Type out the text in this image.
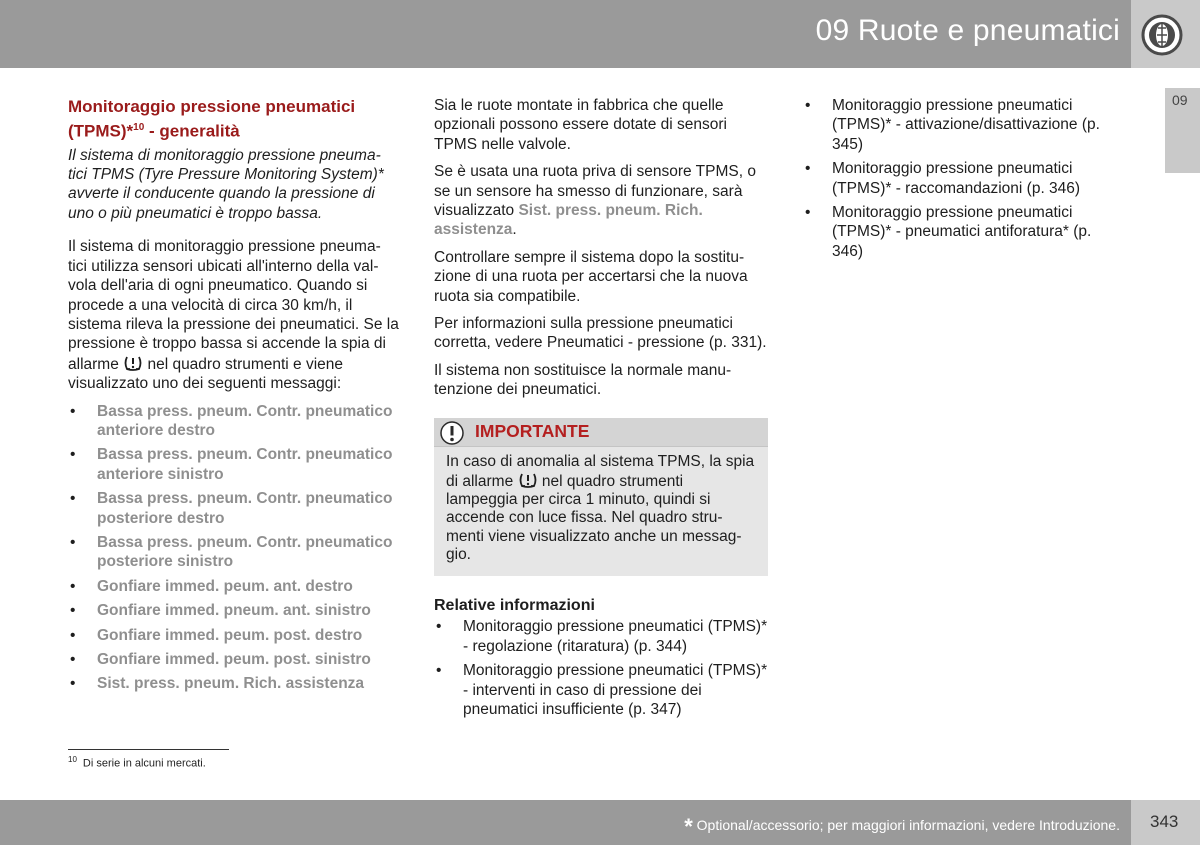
09 Ruote e pneumatici
09
Monitoraggio pressione pneumatici (TPMS)*$^{10}$ - generalità

Il sistema di monitoraggio pressione pneuma- tici TPMS (Tyre Pressure Monitoring System)* avverte il conducente quando la pressione di uno o più pneumatici è troppo bassa.

Il sistema di monitoraggio pressione pneuma- tici utilizza sensori ubicati all'interno della val- vola dell'aria di ogni pneumatico. Quando si procede a una velocità di circa 30 km/h, il sistema rileva la pressione dei pneumatici. Se la pressione è troppo bassa si accende la spia di allarme nel quadro strumenti e viene visualizzato uno dei seguenti messaggi:

• Bassa press. pneum. Contr. pneumatico anteriore destro
• Bassa press. pneum. Contr. pneumatico anteriore sinistro
• Bassa press. pneum. Contr. pneumatico posteriore destro
• Bassa press. pneum. Contr. pneumatico posteriore sinistro
• Gonfiare immed. peum. ant. destro
• Gonfiare immed. pneum. ant. sinistro
• Gonfiare immed. peum. post. destro
• Gonfiare immed. peum. post. sinistro
• Sist. press. pneum. Rich. assistenza

Sia le ruote montate in fabbrica che quelle opzionali possono essere dotate di sensori TPMS nelle valvole.

Se è usata una ruota priva di sensore TPMS, o se un sensore ha smesso di funzionare, sarà visualizzato Sist. press. pneum. Rich. assistenza.

Controllare sempre il sistema dopo la sostitu- zione di una ruota per accertarsi che la nuova ruota sia compatibile.

Per informazioni sulla pressione pneumatici corretta, vedere Pneumatici - pressione (p. 331).

Il sistema non sostituisce la normale manu- tenzione dei pneumatici.

IMPORTANTE
In caso di anomalia al sistema TPMS, la spia di allarme nel quadro strumenti lampeggia per circa 1 minuto, quindi si accende con luce fissa. Nel quadro stru- menti viene visualizzato anche un messag- gio.
Relative informazioni
• Monitoraggio pressione pneumatici (TPMS)* - regolazione (ritaratura) (p. 344)
• Monitoraggio pressione pneumatici (TPMS)* - interventi in caso di pressione dei pneumatici insufficiente (p. 347)
• Monitoraggio pressione pneumatici (TPMS)* - attivazione/disattivazione (p. 345)
• Monitoraggio pressione pneumatici (TPMS)* - raccomandazioni (p. 346)
• Monitoraggio pressione pneumatici (TPMS)* - pneumatici antiforatura* (p. 346)
$^{10}$ Di serie in alcuni mercati.
* Optional/accessorio; per maggiori informazioni, vedere Introduzione. 343
